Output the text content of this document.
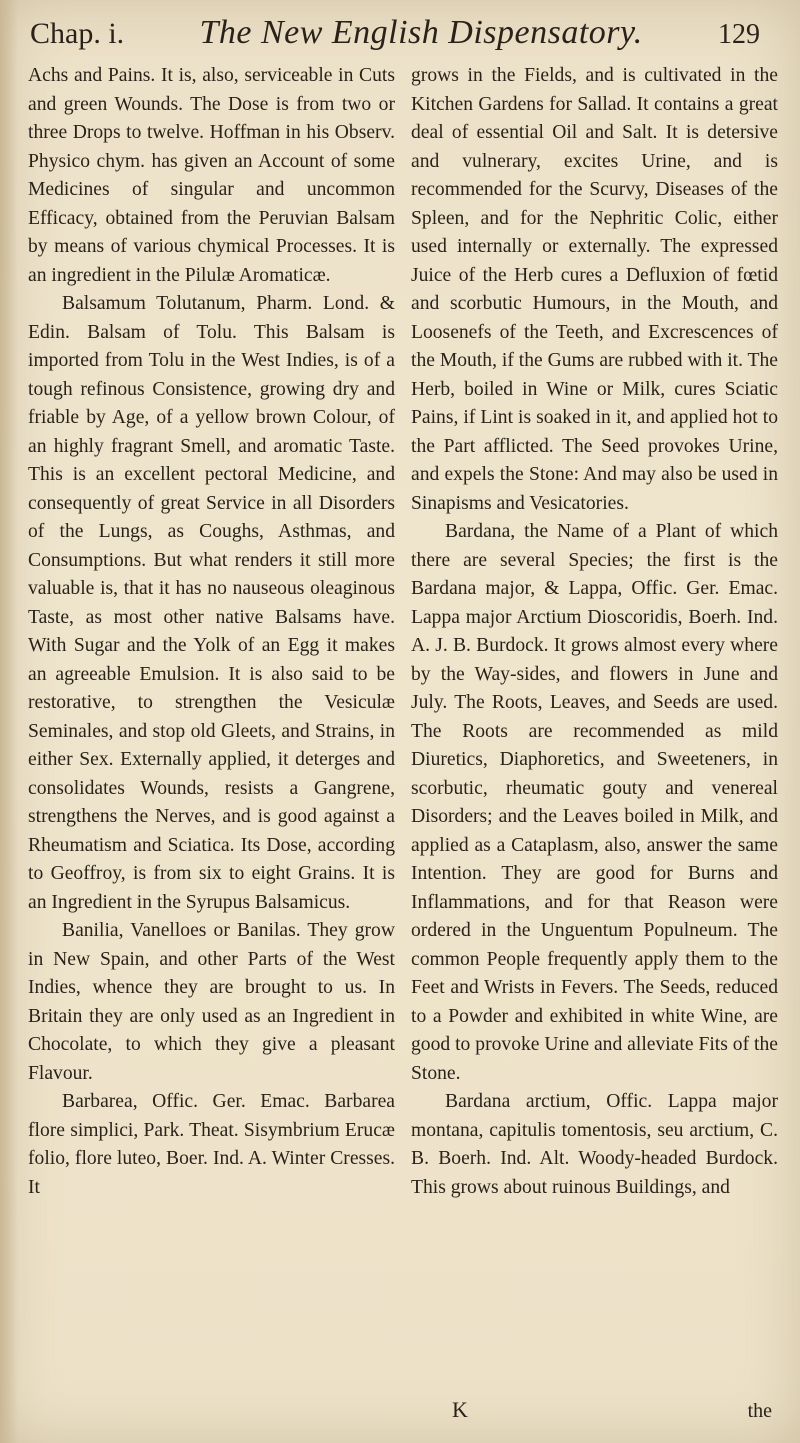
Chap. i. The New English Dispensatory.	129

Achs and Pains. It is, also, serviceable in Cuts and green Wounds. The Dose is from two or three Drops to twelve. Hoffman in his Observ. Physico chym. has given an Account of some Medicines of singular and uncommon Efficacy, obtained from the Peruvian Balsam by means of various chymical Processes. It is an ingredient in the Pilulæ Aromaticæ.

Balsamum Tolutanum, Pharm. Lond. & Edin. Balsam of Tolu. This Balsam is imported from Tolu in the West Indies, is of a tough refinous Consistence, growing dry and friable by Age, of a yellow brown Colour, of an highly fragrant Smell, and aromatic Taste. This is an excellent pectoral Medicine, and consequently of great Service in all Disorders of the Lungs, as Coughs, Asthmas, and Consumptions. But what renders it still more valuable is, that it has no nauseous oleaginous Taste, as most other native Balsams have. With Sugar and the Yolk of an Egg it makes an agreeable Emulsion. It is also said to be restorative, to strengthen the Vesiculæ Seminales, and stop old Gleets, and Strains, in either Sex. Externally applied, it deterges and consolidates Wounds, resists a Gangrene, strengthens the Nerves, and is good against a Rheumatism and Sciatica. Its Dose, according to Geoffroy, is from six to eight Grains. It is an Ingredient in the Syrupus Balsamicus.

Banilia, Vanelloes or Banilas. They grow in New Spain, and other Parts of the West Indies, whence they are brought to us. In Britain they are only used as an Ingredient in Chocolate, to which they give a pleasant Flavour.

Barbarea, Offic. Ger. Emac. Barbarea flore simplici, Park. Theat. Sisymbrium Erucæ folio, flore luteo, Boer. Ind. A. Winter Cresses. It

grows in the Fields, and is cultivated in the Kitchen Gardens for Sallad. It contains a great deal of essential Oil and Salt. It is detersive and vulnerary, excites Urine, and is recommended for the Scurvy, Diseases of the Spleen, and for the Nephritic Colic, either used internally or externally. The expressed Juice of the Herb cures a Defluxion of fœtid and scorbutic Humours, in the Mouth, and Loosenefs of the Teeth, and Excrescences of the Mouth, if the Gums are rubbed with it. The Herb, boiled in Wine or Milk, cures Sciatic Pains, if Lint is soaked in it, and applied hot to the Part afflicted. The Seed provokes Urine, and expels the Stone: And may also be used in Sinapisms and Vesicatories.

Bardana, the Name of a Plant of which there are several Species; the first is the Bardana major, & Lappa, Offic. Ger. Emac. Lappa major Arctium Dioscoridis, Boerh. Ind. A. J. B. Burdock. It grows almost every where by the Way-sides, and flowers in June and July. The Roots, Leaves, and Seeds are used. The Roots are recommended as mild Diuretics, Diaphoretics, and Sweeteners, in scorbutic, rheumatic gouty and venereal Disorders; and the Leaves boiled in Milk, and applied as a Cataplasm, also, answer the same Intention. They are good for Burns and Inflammations, and for that Reason were ordered in the Unguentum Populneum. The common People frequently apply them to the Feet and Wrists in Fevers. The Seeds, reduced to a Powder and exhibited in white Wine, are good to provoke Urine and alleviate Fits of the Stone.

Bardana arctium, Offic. Lappa major montana, capitulis tomentosis, seu arctium, C. B. Boerh. Ind. Alt. Woody-headed Burdock. This grows about ruinous Buildings, and

K	the
